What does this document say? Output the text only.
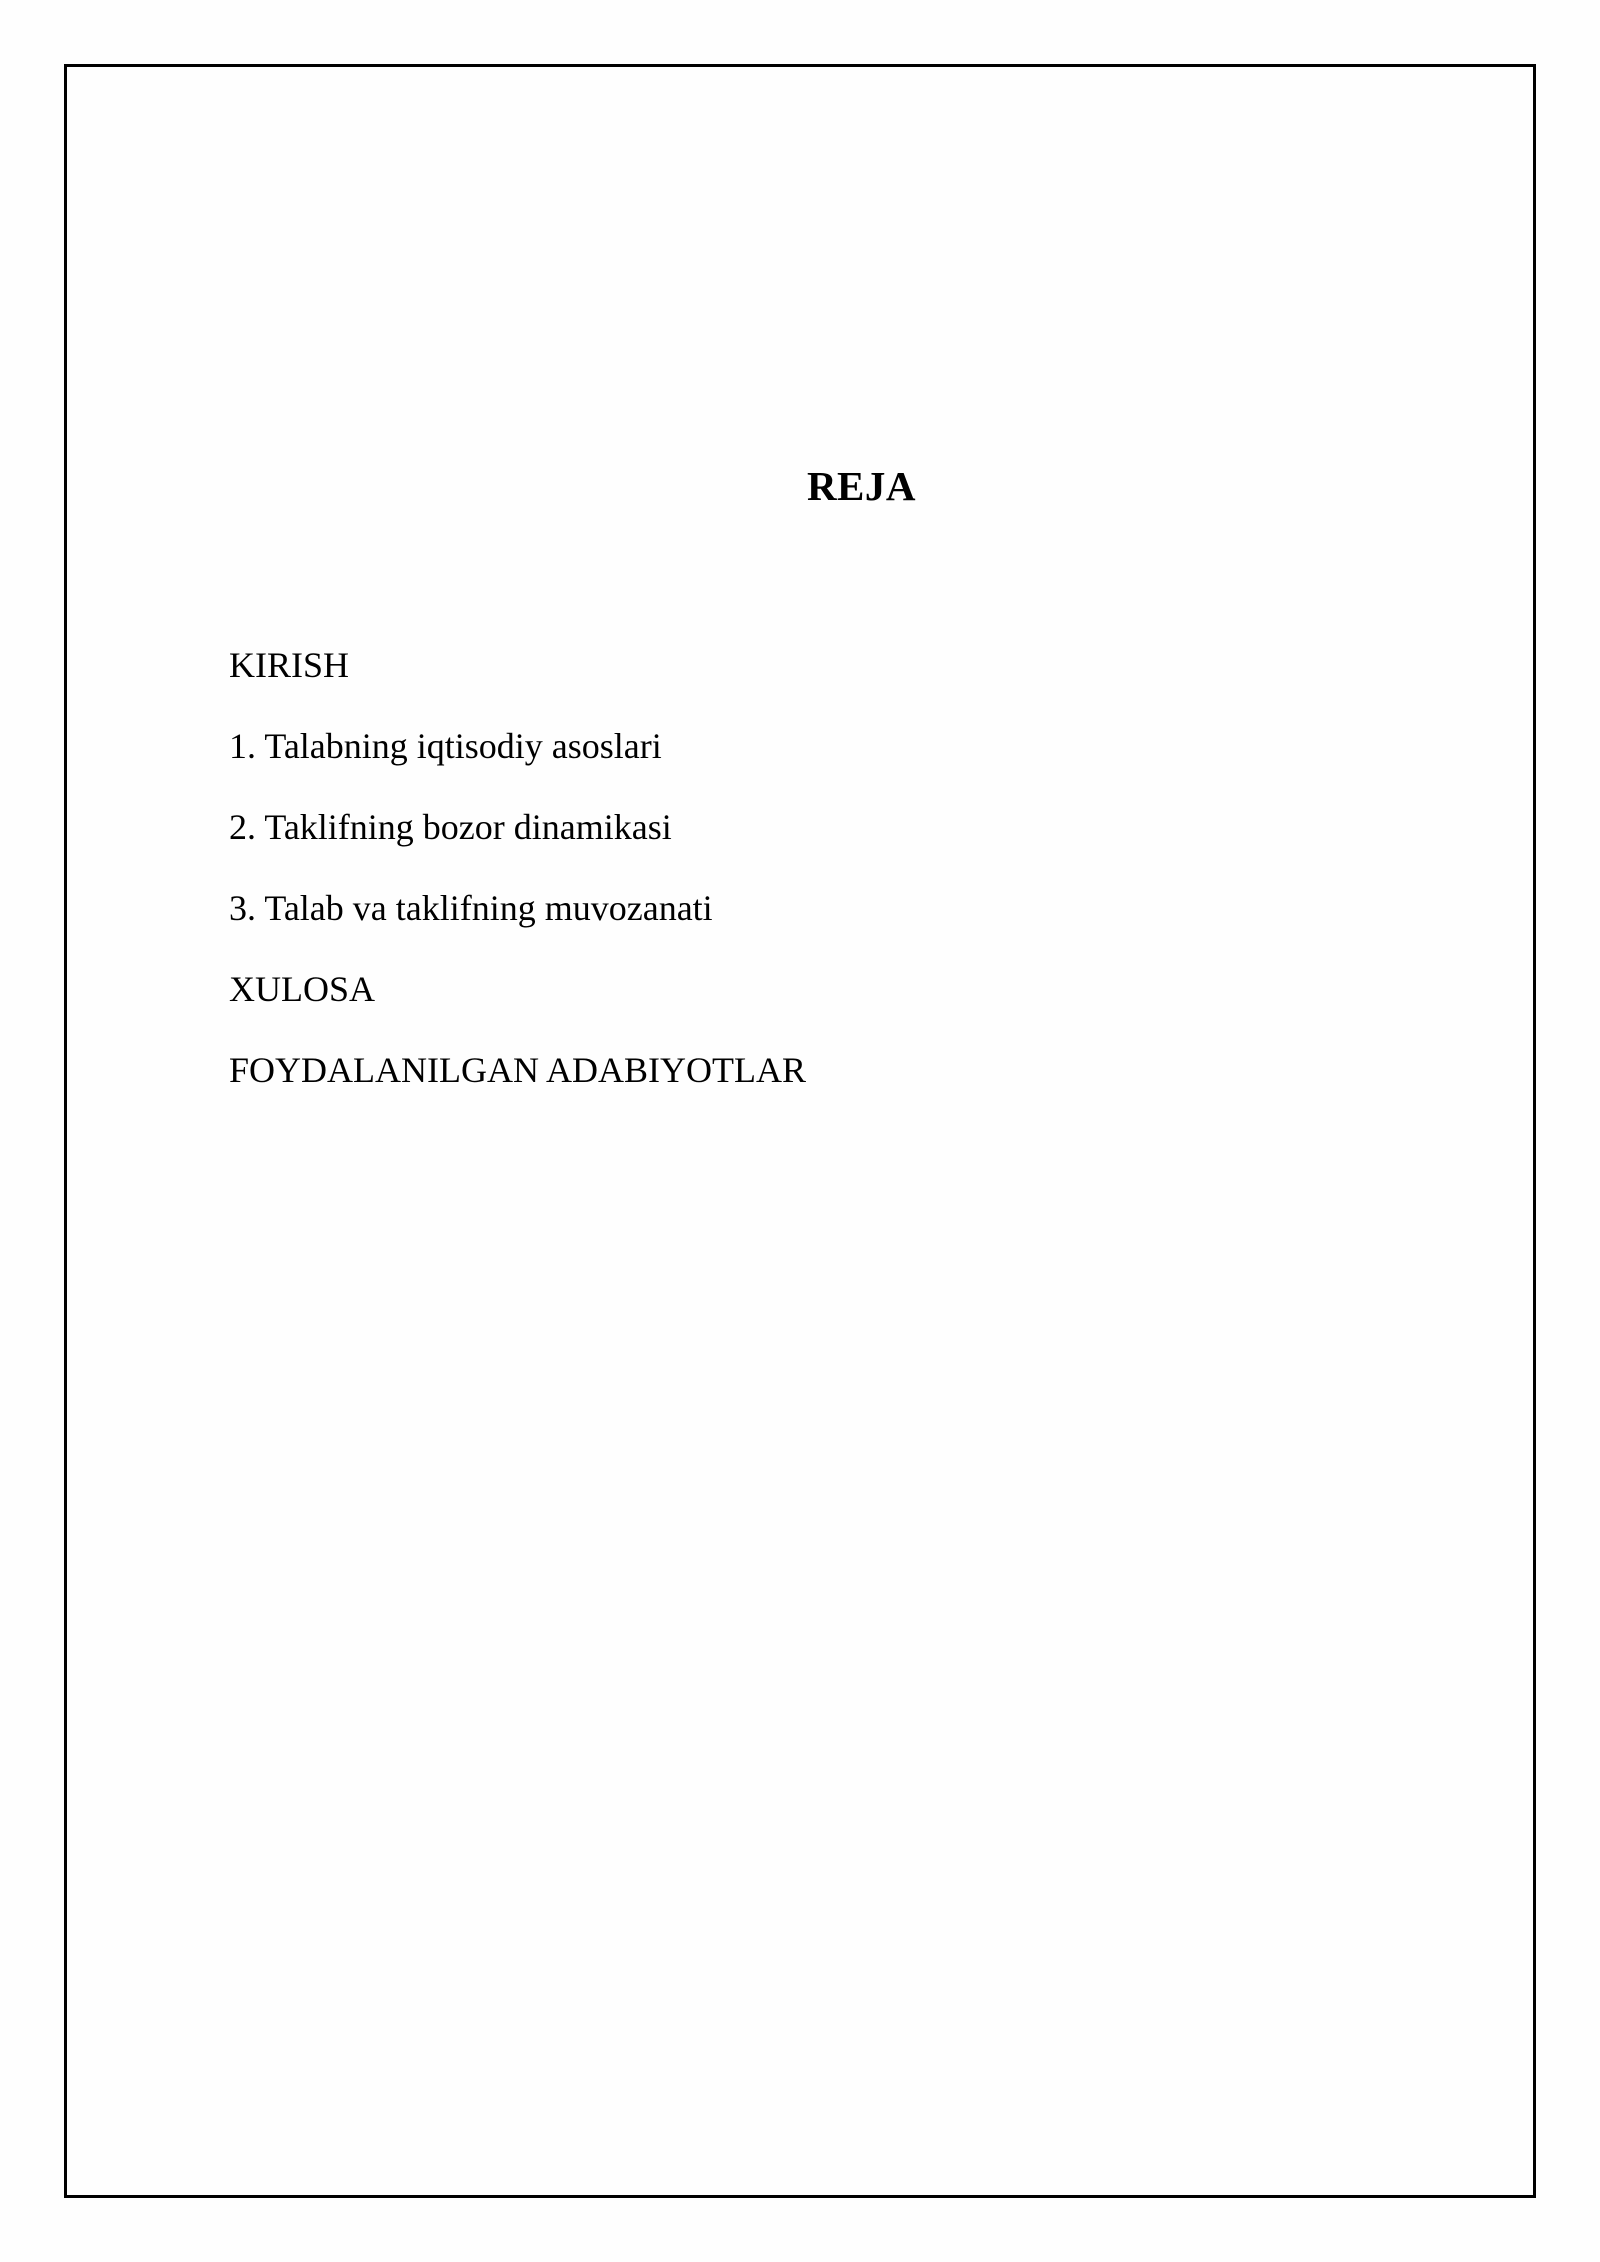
REJA
KIRISH
1. Talabning iqtisodiy asoslari
2. Taklifning bozor dinamikasi
3. Talab va taklifning muvozanati
XULOSA
FOYDALANILGAN ADABIYOTLAR
